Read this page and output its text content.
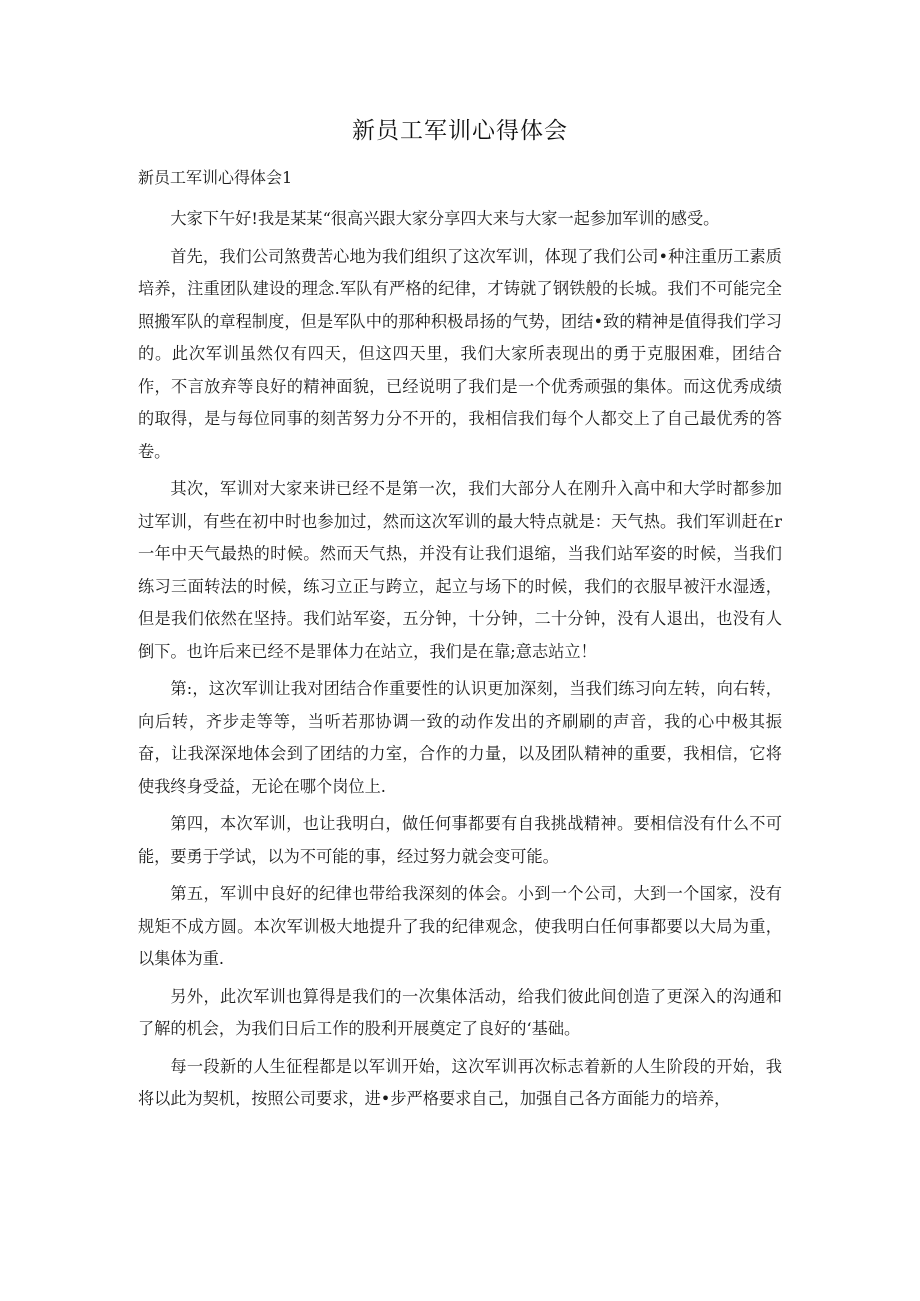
新员工军训心得体会

新员工军训心得体会1

大家下午好!我是某某“很高兴跟大家分享四大来与大家一起参加军训的感受。

首先，我们公司煞费苦心地为我们组织了这次军训，体现了我们公司•种注重历工素质培养，注重团队建设的理念.军队有严格的纪律，才铸就了钢铁般的长城。我们不可能完全照搬军队的章程制度，但是军队中的那种积极昂扬的气势，团结•致的精神是值得我们学习的。此次军训虽然仅有四天，但这四天里，我们大家所表现出的勇于克服困难，团结合作，不言放弃等良好的精神面貌，已经说明了我们是一个优秀顽强的集体。而这优秀成绩的取得，是与每位同事的刻苦努力分不开的，我相信我们每个人都交上了自己最优秀的答卷。

其次，军训对大家来讲已经不是第一次，我们大部分人在刚升入高中和大学时都参加过军训，有些在初中时也参加过，然而这次军训的最大特点就是：天气热。我们军训赶在r一年中天气最热的时候。然而天气热，并没有让我们退缩，当我们站军姿的时候，当我们练习三面转法的时候，练习立正与跨立，起立与场下的时候，我们的衣服早被汗水湿透，但是我们依然在坚持。我们站军姿，五分钟，十分钟，二十分钟，没有人退出，也没有人倒下。也许后来已经不是罪体力在站立，我们是在靠;意志站立！

第:，这次军训让我对团结合作重要性的认识更加深刻，当我们练习向左转，向右转，向后转，齐步走等等，当听若那协调一致的动作发出的齐刷刷的声音，我的心中极其振奋，让我深深地体会到了团结的力室，合作的力量，以及团队精神的重要，我相信，它将使我终身受益，无论在哪个岗位上.

第四，本次军训，也让我明白，做任何事都要有自我挑战精神。要相信没有什么不可能，要勇于学试，以为不可能的事，经过努力就会变可能。

第五，军训中良好的纪律也带给我深刻的体会。小到一个公司，大到一个国家，没有规矩不成方圆。本次军训极大地提升了我的纪律观念，使我明白任何事都要以大局为重，以集体为重.

另外，此次军训也算得是我们的一次集体活动，给我们彼此间创造了更深入的沟通和了解的机会，为我们日后工作的股利开展奠定了良好的‘基础。

每一段新的人生征程都是以军训开始，这次军训再次标志着新的人生阶段的开始，我将以此为契机，按照公司要求，进•步严格要求自己，加强自己各方面能力的培养，
